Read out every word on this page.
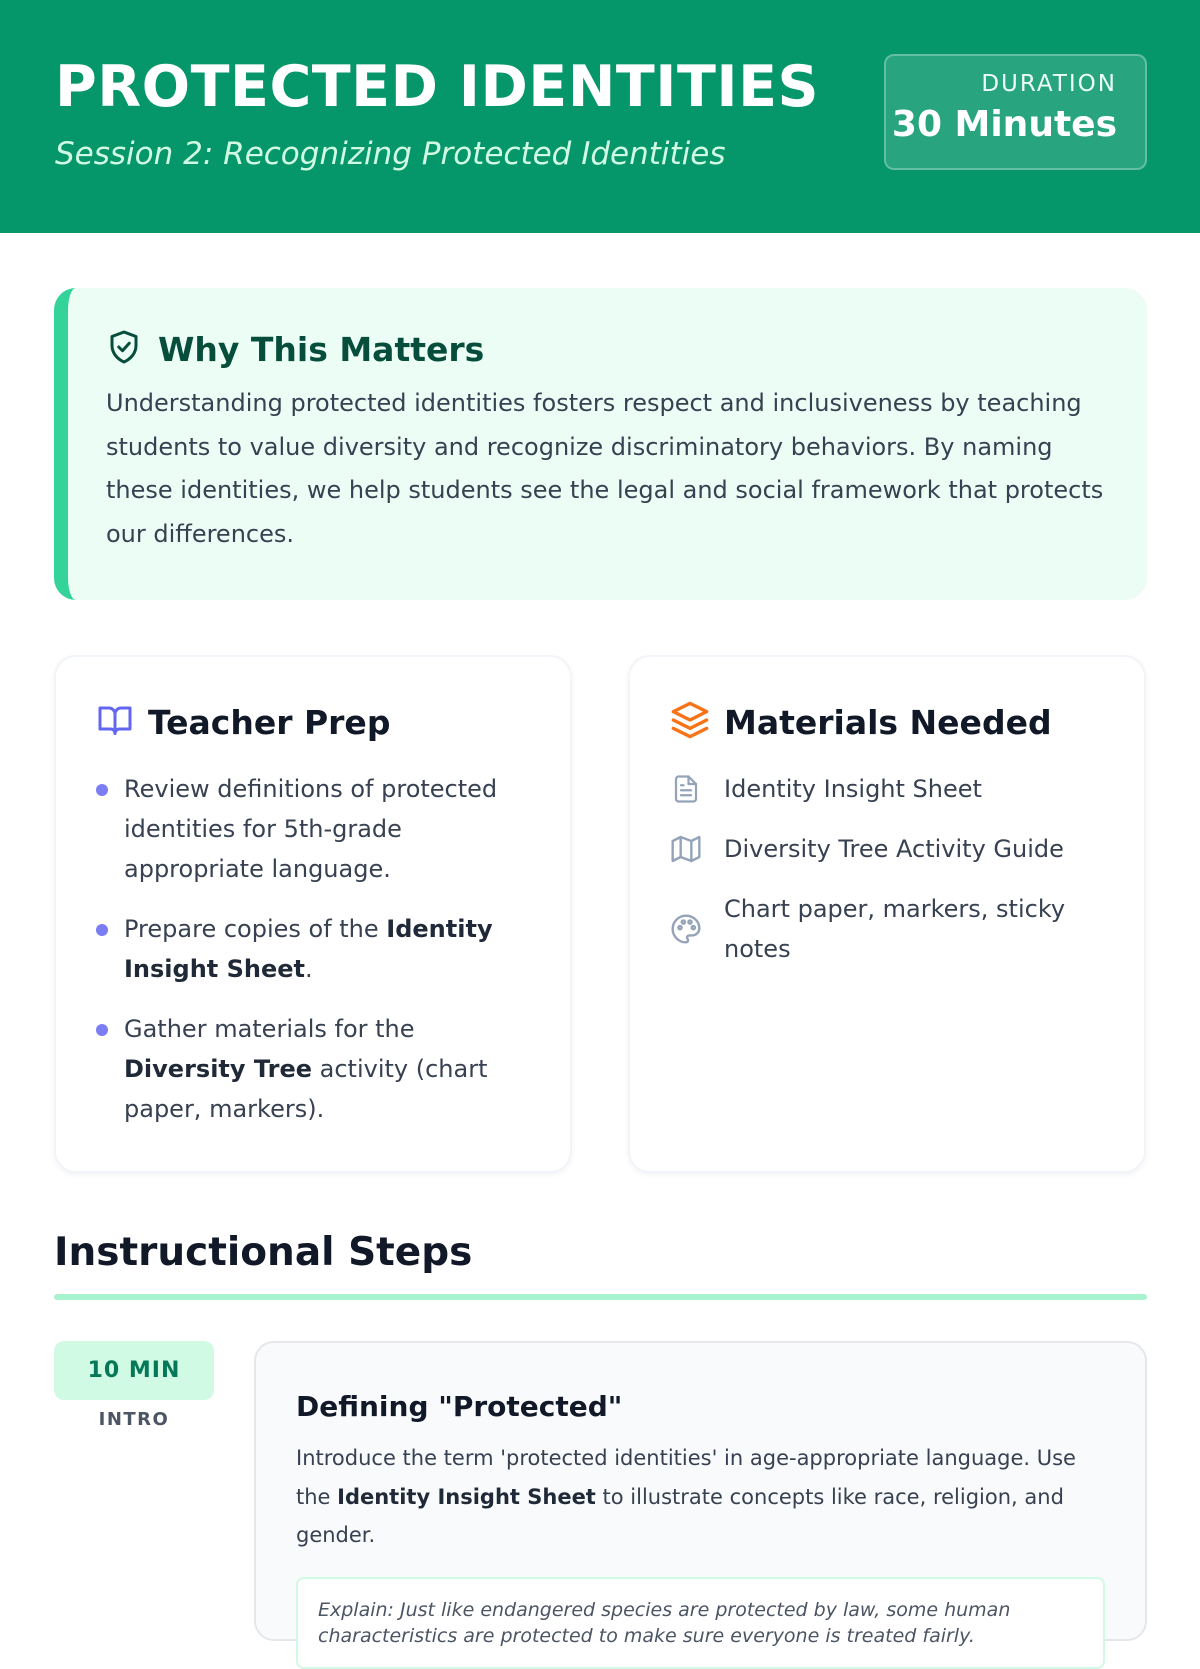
PROTECTED IDENTITIES
Session 2: Recognizing Protected Identities
DURATION
30 Minutes
Why This Matters

Understanding protected identities fosters respect and inclusiveness by teaching students to value diversity and recognize discriminatory behaviors. By naming these identities, we help students see the legal and social framework that protects our differences.

Teacher Prep
Review definitions of protected identities for 5th-grade appropriate language.
Prepare copies of the Identity Insight Sheet.
Gather materials for the Diversity Tree activity (chart paper, markers).
Materials Needed
Identity Insight Sheet
Diversity Tree Activity Guide
Chart paper, markers, sticky notes
Instructional Steps
10 MIN
INTRO	Defining "Protected"

Introduce the term 'protected identities' in age-appropriate language. Use the Identity Insight Sheet to illustrate concepts like race, religion, and gender.

Explain: Just like endangered species are protected by law, some human characteristics are protected to make sure everyone is treated fairly.
